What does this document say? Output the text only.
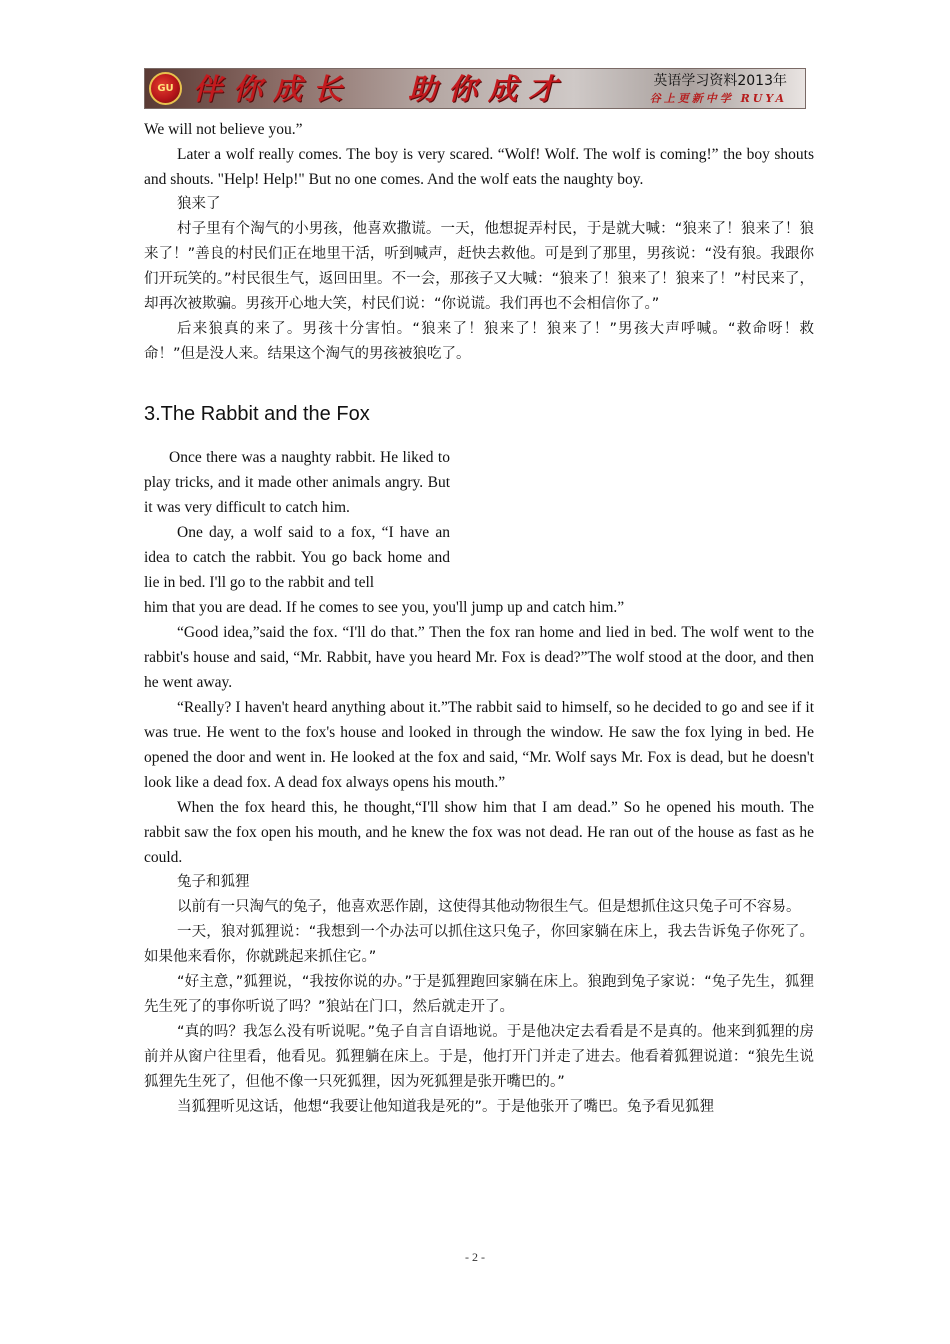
GU 伴你成长 助你成才	英语学习资料2013年
谷上更新中学 RUYA

We will not believe you.”

Later a wolf really comes. The boy is very scared. “Wolf! Wolf. The wolf is coming!” the boy shouts and shouts. "Help! Help!" But no one comes. And the wolf eats the naughty boy.

狼来了

村子里有个淘气的小男孩，他喜欢撒谎。一天，他想捉弄村民，于是就大喊：“狼来了！狼来了！狼来了！”善良的村民们正在地里干活，听到喊声，赶快去救他。可是到了那里，男孩说：“没有狼。我跟你们开玩笑的。”村民很生气，返回田里。不一会，那孩子又大喊：“狼来了！狼来了！狼来了！”村民来了，却再次被欺骗。男孩开心地大笑，村民们说：“你说谎。我们再也不会相信你了。”

后来狼真的来了。男孩十分害怕。“狼来了！狼来了！狼来了！”男孩大声呼喊。“救命呀！救命！”但是没人来。结果这个淘气的男孩被狼吃了。

3.The Rabbit and the Fox

Once there was a naughty rabbit. He liked to play tricks, and it made other animals angry. But it was very difficult to catch him.

One day, a wolf said to a fox, “I have an idea to catch the rabbit. You go back home and lie in bed. I'll go to the rabbit and tell

him that you are dead. If he comes to see you, you'll jump up and catch him.”

“Good idea,”said the fox. “I'll do that.” Then the fox ran home and lied in bed. The wolf went to the rabbit's house and said, “Mr. Rabbit, have you heard Mr. Fox is dead?”The wolf stood at the door, and then he went away.

“Really? I haven't heard anything about it.”The rabbit said to himself, so he decided to go and see if it was true. He went to the fox's house and looked in through the window. He saw the fox lying in bed. He opened the door and went in. He looked at the fox and said, “Mr. Wolf says Mr. Fox is dead, but he doesn't look like a dead fox. A dead fox always opens his mouth.”

When the fox heard this, he thought,“I'll show him that I am dead.” So he opened his mouth. The rabbit saw the fox open his mouth, and he knew the fox was not dead. He ran out of the house as fast as he could.

兔子和狐狸

以前有一只淘气的兔子，他喜欢恶作剧，这使得其他动物很生气。但是想抓住这只兔子可不容易。

一天，狼对狐狸说：“我想到一个办法可以抓住这只兔子，你回家躺在床上，我去告诉兔子你死了。如果他来看你，你就跳起来抓住它。”

“好主意，”狐狸说，“我按你说的办。”于是狐狸跑回家躺在床上。狼跑到兔子家说：“兔子先生，狐狸先生死了的事你听说了吗？”狼站在门口，然后就走开了。

“真的吗？我怎么没有听说呢。”兔子自言自语地说。于是他决定去看看是不是真的。他来到狐狸的房前并从窗户往里看，他看见。狐狸躺在床上。于是，他打开门并走了进去。他看着狐狸说道：“狼先生说狐狸先生死了，但他不像一只死狐狸，因为死狐狸是张开嘴巴的。”

当狐狸听见这话，他想“我要让他知道我是死的”。于是他张开了嘴巴。兔予看见狐狸

- 2 -
